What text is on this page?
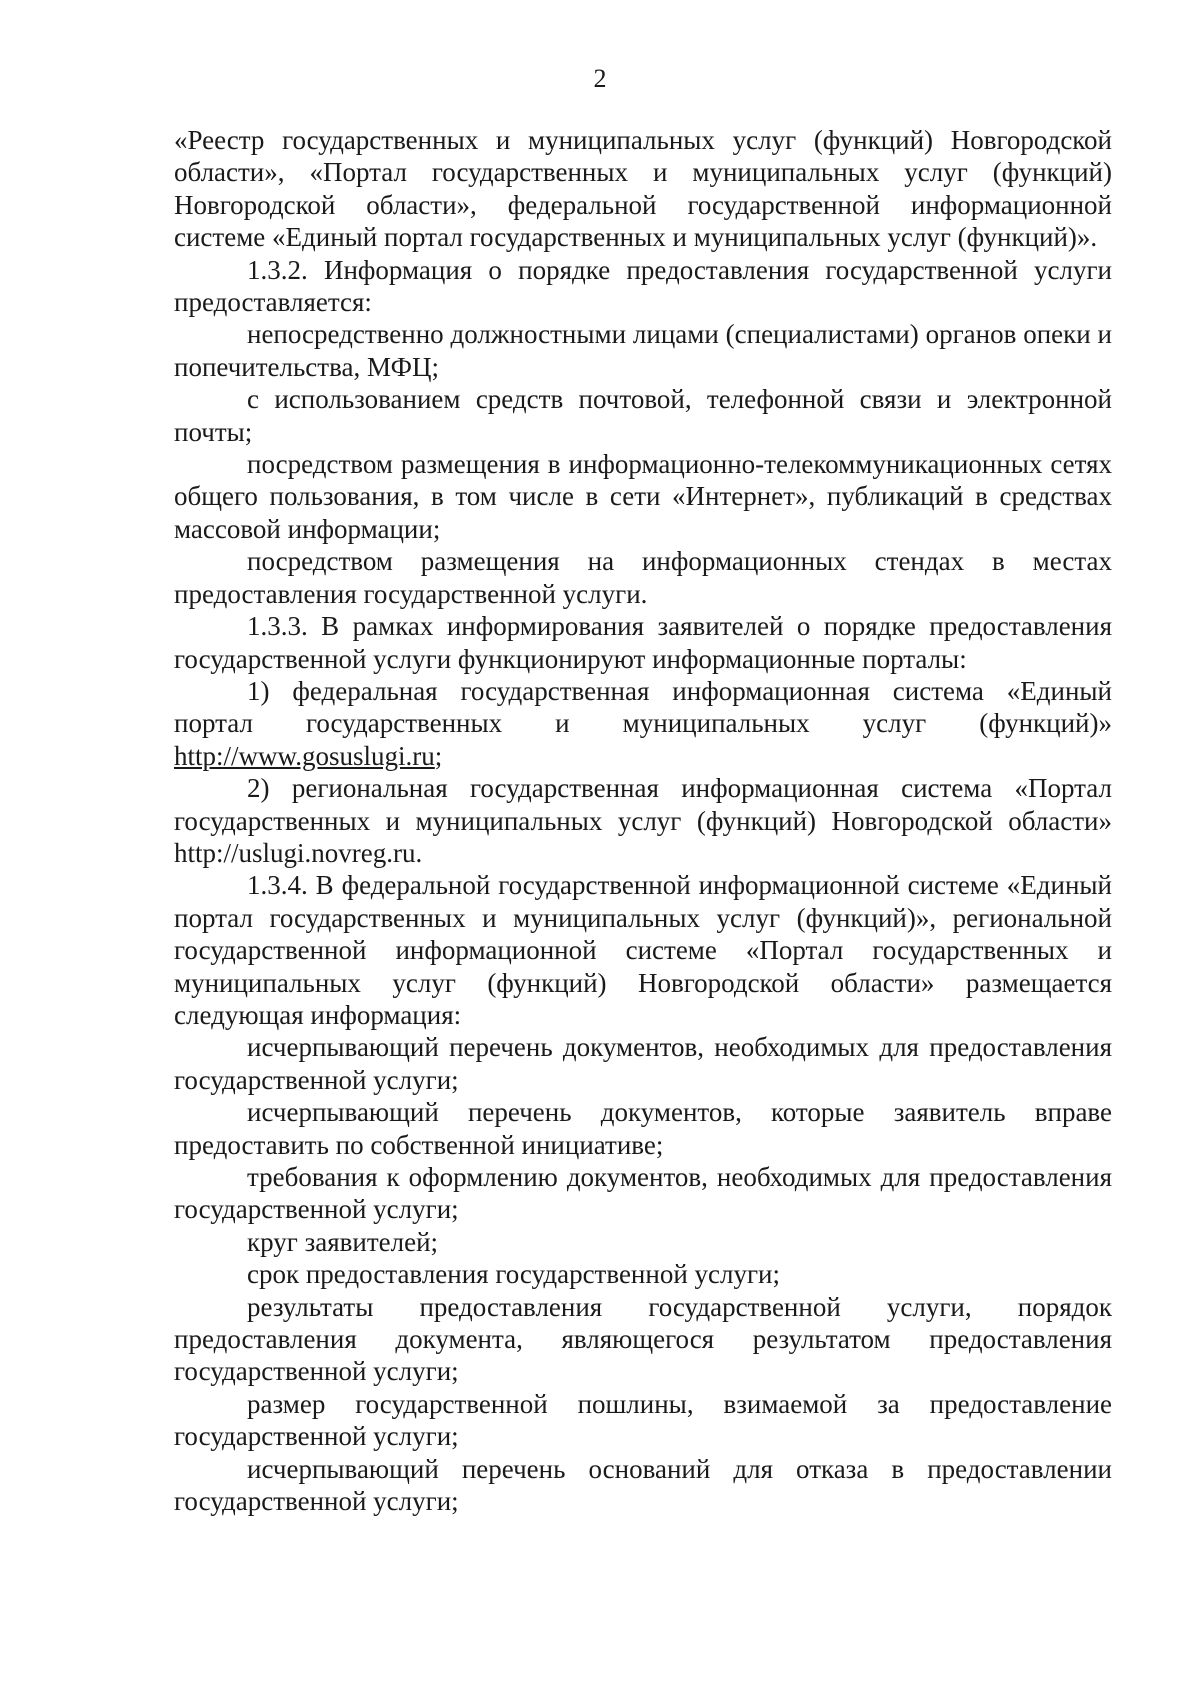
2

«Реестр государственных и муниципальных услуг (функций) Новгородской области», «Портал государственных и муниципальных услуг (функций) Новгородской области», федеральной государственной информационной системе «Единый портал государственных и муниципальных услуг (функций)».

1.3.2. Информация о порядке предоставления государственной услуги предоставляется:

непосредственно должностными лицами (специалистами) органов опеки и попечительства, МФЦ;

с использованием средств почтовой, телефонной связи и электронной почты;

посредством размещения в информационно-телекоммуникационных сетях общего пользования, в том числе в сети «Интернет», публикаций в средствах массовой информации;

посредством размещения на информационных стендах в местах предоставления государственной услуги.

1.3.3. В рамках информирования заявителей о порядке предоставления государственной услуги функционируют информационные порталы:

1) федеральная государственная информационная система «Единый портал государственных и муниципальных услуг (функций)» http://www.gosuslugi.ru;

2) региональная государственная информационная система «Портал государственных и муниципальных услуг (функций) Новгородской области» http://uslugi.novreg.ru.

1.3.4. В федеральной государственной информационной системе «Единый портал государственных и муниципальных услуг (функций)», региональной государственной информационной системе «Портал государственных и муниципальных услуг (функций) Новгородской области» размещается следующая информация:

исчерпывающий перечень документов, необходимых для предоставления государственной услуги;

исчерпывающий перечень документов, которые заявитель вправе предоставить по собственной инициативе;

требования к оформлению документов, необходимых для предоставления государственной услуги;

круг заявителей;

срок предоставления государственной услуги;

результаты предоставления государственной услуги, порядок предоставления документа, являющегося результатом предоставления государственной услуги;

размер государственной пошлины, взимаемой за предоставление государственной услуги;

исчерпывающий перечень оснований для отказа в предоставлении государственной услуги;
